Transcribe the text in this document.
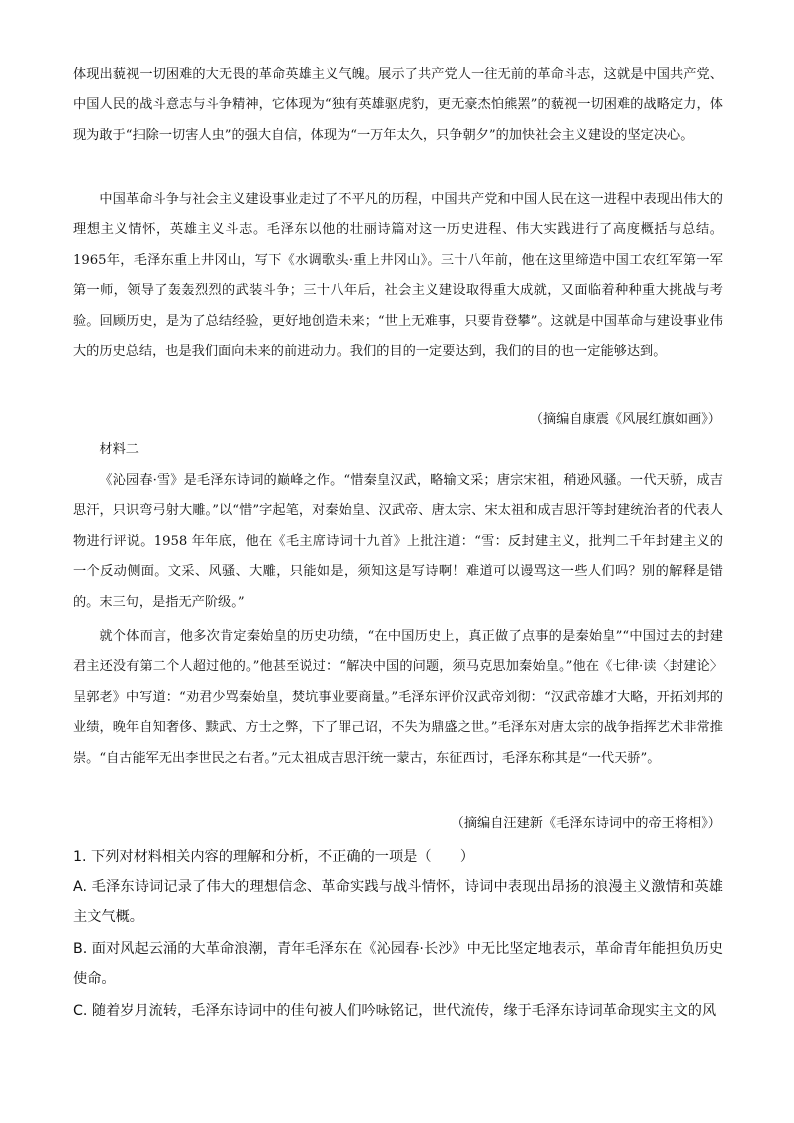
体现出藐视一切困难的大无畏的革命英雄主义气魄。展示了共产党人一往无前的革命斗志，这就是中国共产党、中国人民的战斗意志与斗争精神，它体现为“独有英雄驱虎豹，更无豪杰怕熊罴”的藐视一切困难的战略定力，体现为敢于“扫除一切害人虫”的强大自信，体现为“一万年太久，只争朝夕”的加快社会主义建设的坚定决心。

中国革命斗争与社会主义建设事业走过了不平凡的历程，中国共产党和中国人民在这一进程中表现出伟大的理想主义情怀，英雄主义斗志。毛泽东以他的壮丽诗篇对这一历史进程、伟大实践进行了高度概括与总结。1965年，毛泽东重上井冈山，写下《水调歌头·重上井冈山》。三十八年前，他在这里缔造中国工农红军第一军第一师，领导了轰轰烈烈的武装斗争；三十八年后，社会主义建设取得重大成就，又面临着种种重大挑战与考验。回顾历史，是为了总结经验，更好地创造未来；“世上无难事，只要肯登攀”。这就是中国革命与建设事业伟大的历史总结，也是我们面向未来的前进动力。我们的目的一定要达到，我们的目的也一定能够达到。

（摘编自康震《风展红旗如画》）
材料二

《沁园春·雪》是毛泽东诗词的巅峰之作。“惜秦皇汉武，略输文采；唐宗宋祖，稍逊风骚。一代天骄，成吉思汗，只识弯弓射大雕。”以“惜”字起笔，对秦始皇、汉武帝、唐太宗、宋太祖和成吉思汗等封建统治者的代表人物进行评说。1958 年年底，他在《毛主席诗词十九首》上批注道：“雪：反封建主义，批判二千年封建主义的一个反动侧面。文采、风骚、大雕，只能如是，须知这是写诗啊！难道可以谩骂这一些人们吗？别的解释是错的。末三句，是指无产阶级。”

就个体而言，他多次肯定秦始皇的历史功绩，“在中国历史上，真正做了点事的是秦始皇”“中国过去的封建君主还没有第二个人超过他的。”他甚至说过：“解决中国的问题，须马克思加秦始皇。”他在《七律·读〈封建论〉呈郭老》中写道：“劝君少骂秦始皇，焚坑事业要商量。”毛泽东评价汉武帝刘彻：“汉武帝雄才大略，开拓刘邦的业绩，晚年自知奢侈、黩武、方士之弊，下了罪己诏，不失为鼎盛之世。”毛泽东对唐太宗的战争指挥艺术非常推崇。“自古能军无出李世民之右者。”元太祖成吉思汗统一蒙古，东征西讨，毛泽东称其是“一代天骄”。

（摘编自汪建新《毛泽东诗词中的帝王将相》）

1. 下列对材料相关内容的理解和分析，不正确的一项是（　　）

A. 毛泽东诗词记录了伟大的理想信念、革命实践与战斗情怀，诗词中表现出昂扬的浪漫主义激情和英雄主文气概。

B. 面对风起云涌的大革命浪潮，青年毛泽东在《沁园春·长沙》中无比坚定地表示，革命青年能担负历史使命。

C. 随着岁月流转，毛泽东诗词中的佳句被人们吟咏铭记，世代流传，缘于毛泽东诗词革命现实主文的风
